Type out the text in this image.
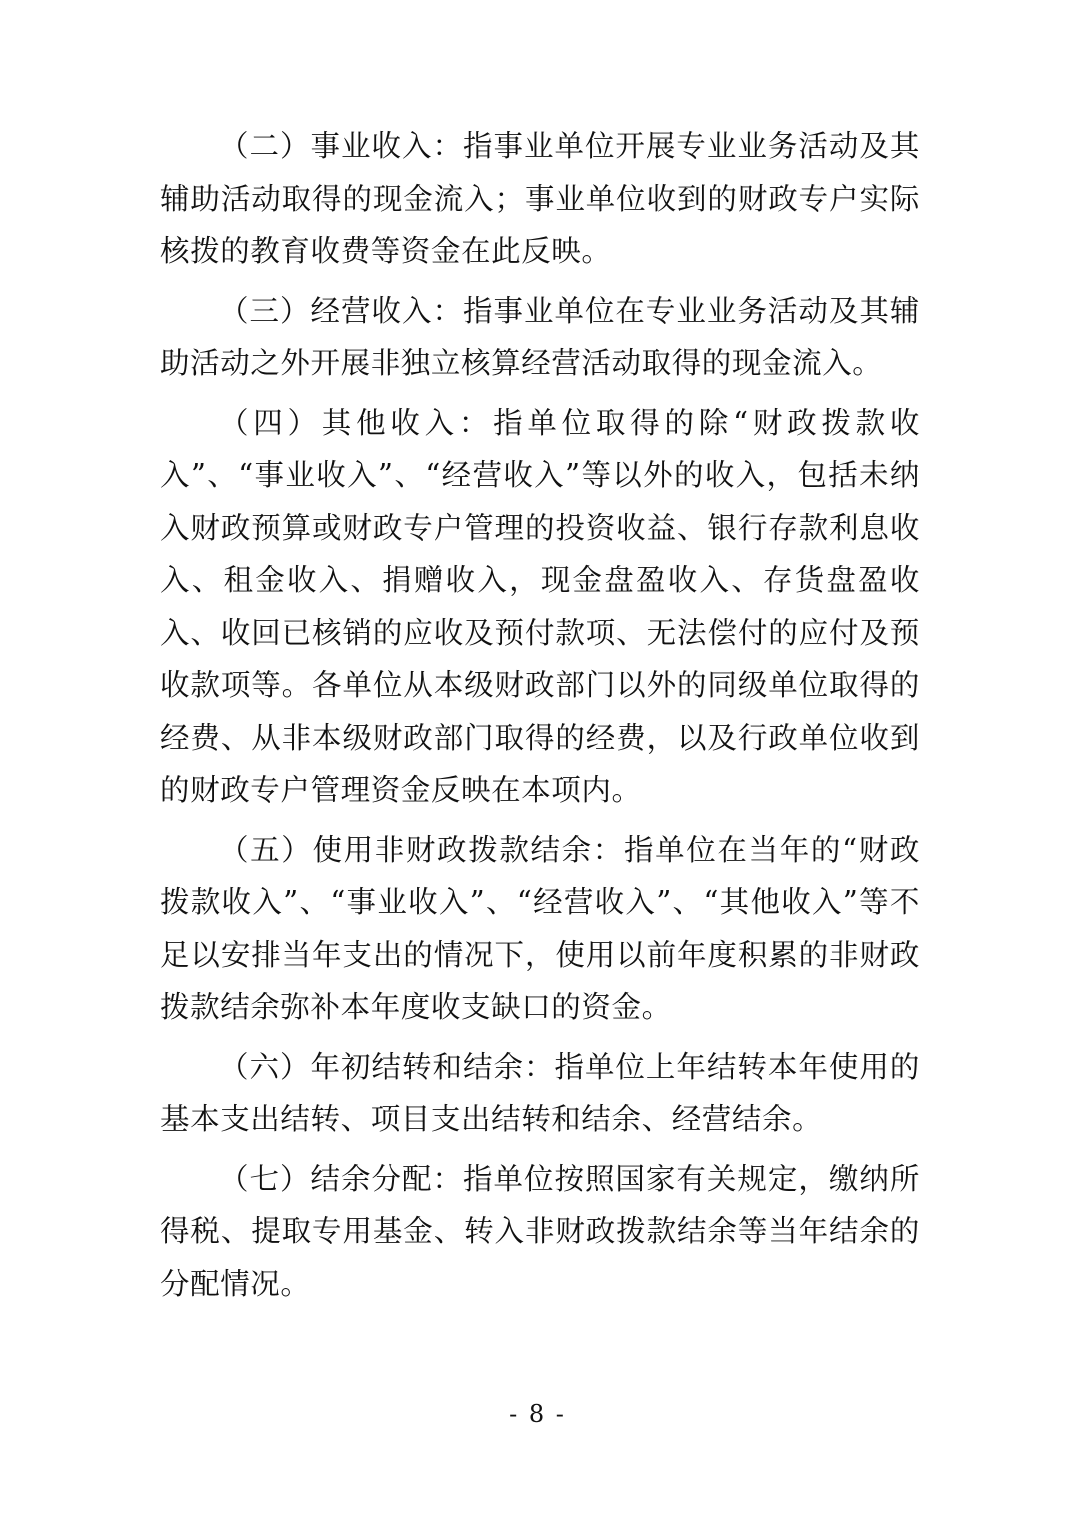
（二）事业收入：指事业单位开展专业业务活动及其辅助活动取得的现金流入；事业单位收到的财政专户实际核拨的教育收费等资金在此反映。

（三）经营收入：指事业单位在专业业务活动及其辅助活动之外开展非独立核算经营活动取得的现金流入。

（四）其他收入：指单位取得的除“财政拨款收入”、“事业收入”、“经营收入”等以外的收入，包括未纳入财政预算或财政专户管理的投资收益、银行存款利息收入、租金收入、捐赠收入，现金盘盈收入、存货盘盈收入、收回已核销的应收及预付款项、无法偿付的应付及预收款项等。各单位从本级财政部门以外的同级单位取得的经费、从非本级财政部门取得的经费，以及行政单位收到的财政专户管理资金反映在本项内。

（五）使用非财政拨款结余：指单位在当年的“财政拨款收入”、“事业收入”、“经营收入”、“其他收入”等不足以安排当年支出的情况下，使用以前年度积累的非财政拨款结余弥补本年度收支缺口的资金。

（六）年初结转和结余：指单位上年结转本年使用的基本支出结转、项目支出结转和结余、经营结余。

（七）结余分配：指单位按照国家有关规定，缴纳所得税、提取专用基金、转入非财政拨款结余等当年结余的分配情况。

- 8 -
